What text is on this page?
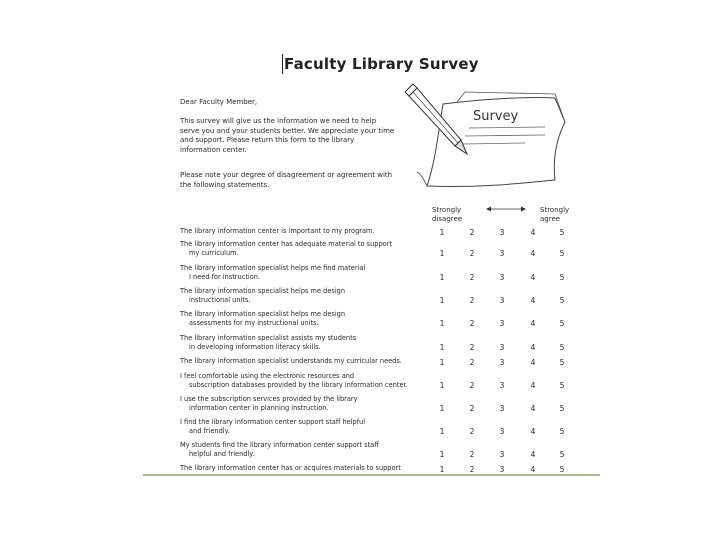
Faculty Library Survey

Dear Faculty Member,

This survey will give us the information we need to help serve you and your students better. We appreciate your time and support. Please return this form to the library information center.

Please note your degree of disagreement or agreement with the following statements.

Survey
Strongly
disagree
Strongly
agree
The library information center is important to my program.	1	2	3	4	5
The library information center has adequate material to support
my curriculum.	1	2	3	4	5
The library information specialist helps me find material
I need for instruction.	1	2	3	4	5
The library information specialist helps me design
instructional units.	1	2	3	4	5
The library information specialist helps me design
assessments for my instructional units.	1	2	3	4	5
The library information specialist assists my students
in developing information literacy skills.	1	2	3	4	5
The library information specialist understands my curricular needs.	1	2	3	4	5
I feel comfortable using the electronic resources and
subscription databases provided by the library information center.	1	2	3	4	5
I use the subscription services provided by the library
information center in planning instruction.	1	2	3	4	5
I find the library information center support staff helpful
and friendly.	1	2	3	4	5
My students find the library information center support staff
helpful and friendly.	1	2	3	4	5
The library information center has or acquires materials to support	1	2	3	4	5
